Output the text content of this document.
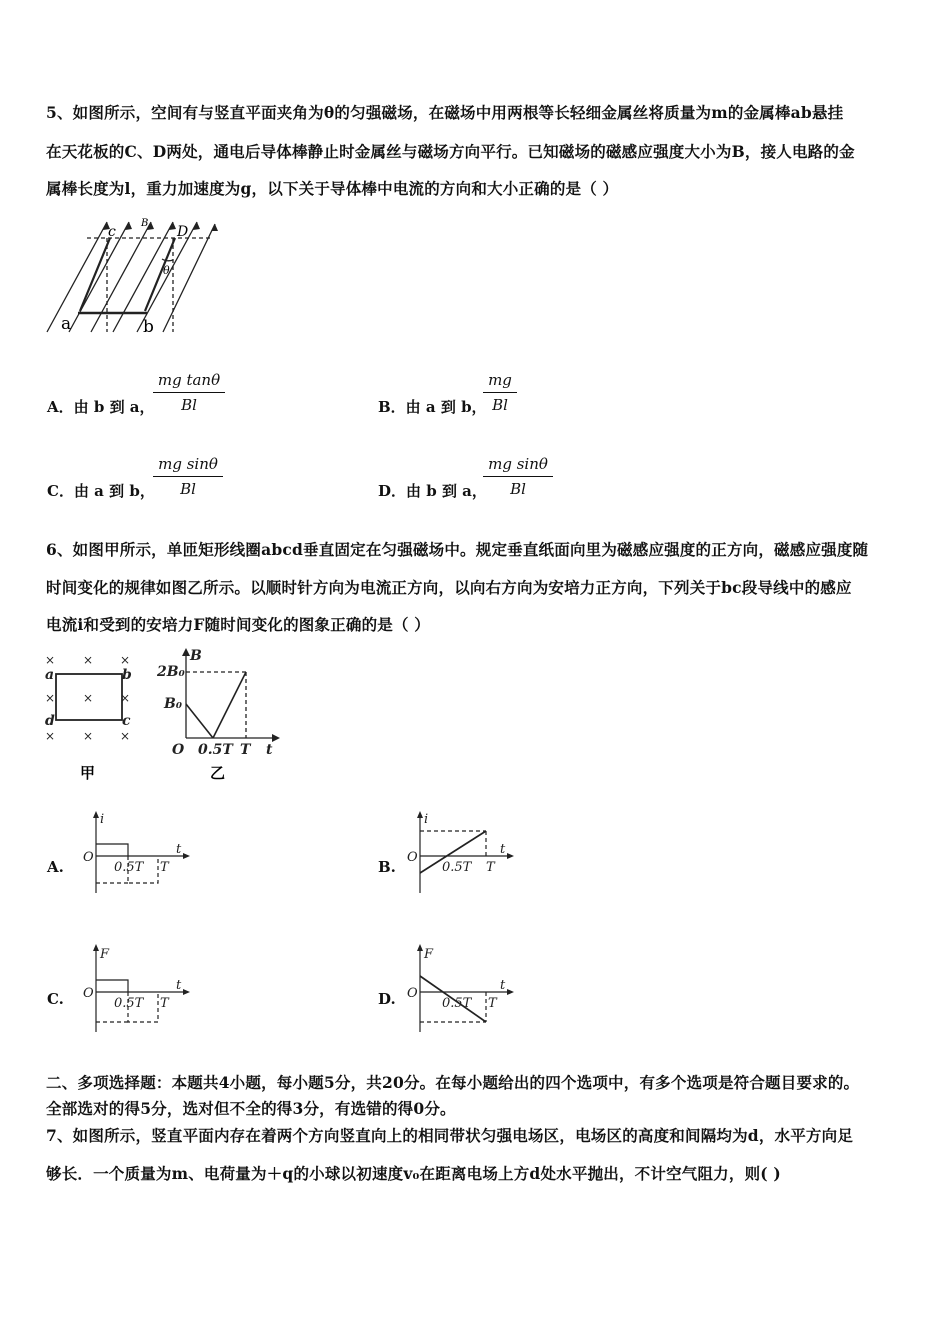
5、如图所示，空间有与竖直平面夹角为θ的匀强磁场，在磁场中用两根等长轻细金属丝将质量为m的金属棒ab悬挂
在天花板的C、D两处，通电后导体棒静止时金属丝与磁场方向平行。已知磁场的磁感应强度大小为B，接人电路的金
属棒长度为l，重力加速度为g，以下关于导体棒中电流的方向和大小正确的是（ ）
c	D
B
θ
a	b
A．由 b 到 a，
$\frac{\text{mg tanθ}}{Bl}$	B．由 a 到 b，
$\frac{mg}{Bl}$
C．由 a 到 b，
$\frac{\text{mg sinθ}}{Bl}$	D．由 b 到 a，
$\frac{\text{mg sinθ}}{Bl}$
6、如图甲所示，单匝矩形线圈abcd垂直固定在匀强磁场中。规定垂直纸面向里为磁感应强度的正方向，磁感应强度随
时间变化的规律如图乙所示。以顺时针方向为电流正方向，以向右方向为安培力正方向，下列关于bc段导线中的感应
电流i和受到的安培力F随时间变化的图象正确的是（ ）
× × ×
×
×	×
× × ×
a	b
c
d
甲
B
2B₀
B₀
O 0.5T T t
乙
A.
i
O
0.5T T
t
B.
i
O
0.5T T
t
C.
F
O
0.5T T
t
D.
F
O
0.5T T
t
二、多项选择题：本题共4小题，每小题5分，共20分。在每小题给出的四个选项中，有多个选项是符合题目要求的。
全部选对的得5分，选对但不全的得3分，有选错的得0分。
7、如图所示，竖直平面内存在着两个方向竖直向上的相同带状匀强电场区，电场区的高度和间隔均为d，水平方向足
够长．一个质量为m、电荷量为＋q的小球以初速度v₀在距离电场上方d处水平抛出，不计空气阻力，则( )
